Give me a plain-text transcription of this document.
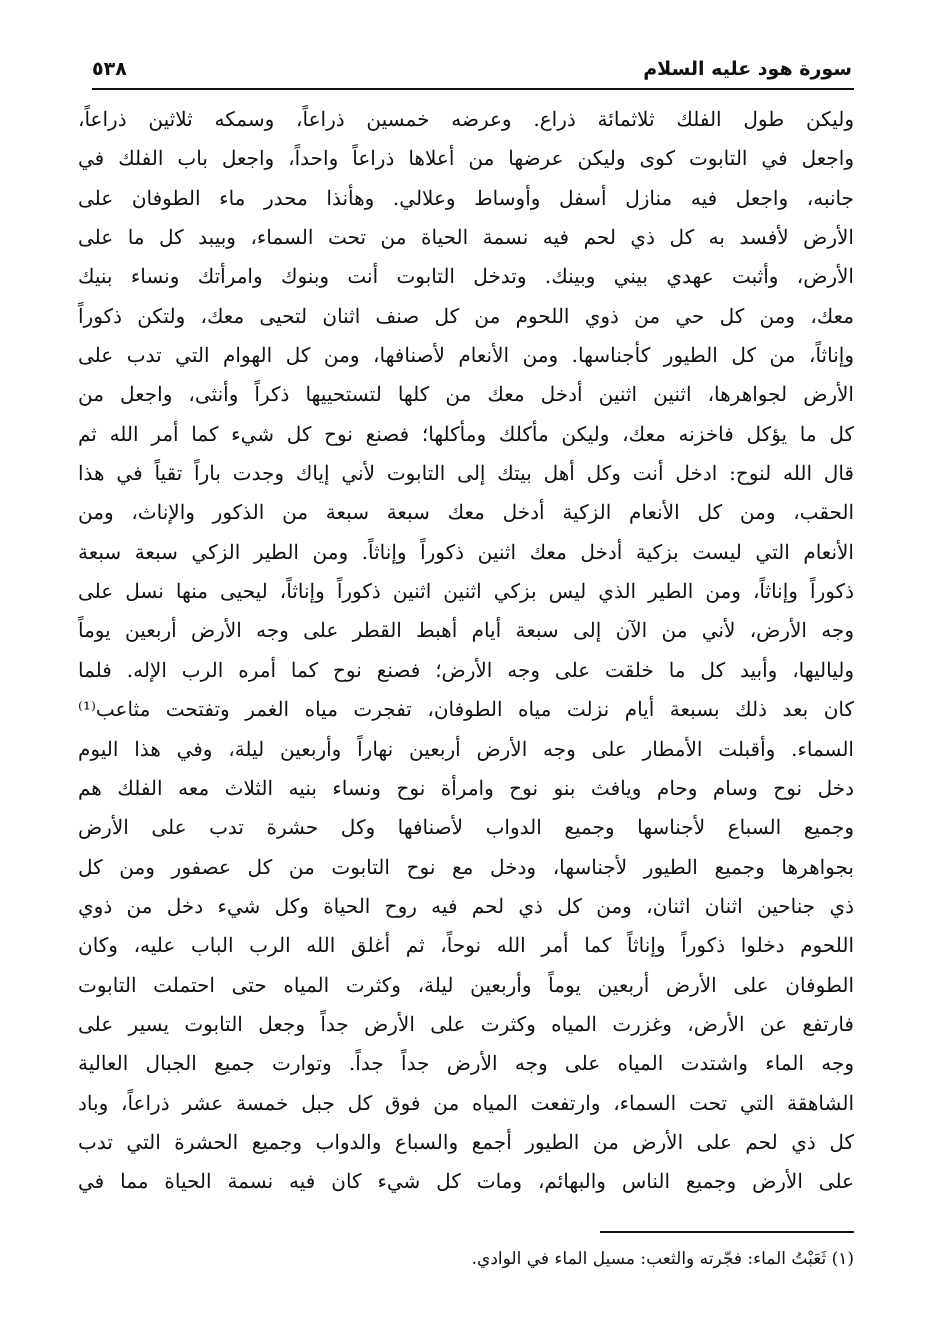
سورة هود عليه السلام
٥٣٨
وليكن طول الفلك ثلاثمائة ذراع. وعرضه خمسين ذراعاً، وسمكه ثلاثين ذراعاً،
واجعل في التابوت كوى وليكن عرضها من أعلاها ذراعاً واحداً، واجعل باب الفلك في
جانبه، واجعل فيه منازل أسفل وأوساط وعلالي. وهأنذا محدر ماء الطوفان على
الأرض لأفسد به كل ذي لحم فيه نسمة الحياة من تحت السماء، وبيبد كل ما على
الأرض، وأثبت عهدي بيني وبينك. وتدخل التابوت أنت وبنوك وامرأتك ونساء بنيك
معك، ومن كل حي من ذوي اللحوم من كل صنف اثنان لتحيى معك، ولتكن ذكوراً
وإناثاً، من كل الطيور كأجناسها. ومن الأنعام لأصنافها، ومن كل الهوام التي تدب على
الأرض لجواهرها، اثنين اثنين أدخل معك من كلها لتستحييها ذكراً وأنثى، واجعل من
كل ما يؤكل فاخزنه معك، وليكن مأكلك ومأكلها؛ فصنع نوح كل شيء كما أمر الله ثم
قال الله لنوح: ادخل أنت وكل أهل بيتك إلى التابوت لأني إياك وجدت باراً تقياً في هذا
الحقب، ومن كل الأنعام الزكية أدخل معك سبعة سبعة من الذكور والإناث، ومن
الأنعام التي ليست بزكية أدخل معك اثنين ذكوراً وإناثاً. ومن الطير الزكي سبعة سبعة
ذكوراً وإناثاً، ومن الطير الذي ليس بزكي اثنين اثنين ذكوراً وإناثاً، ليحيى منها نسل على
وجه الأرض، لأني من الآن إلى سبعة أيام أهبط القطر على وجه الأرض أربعين يوماً
ولياليها، وأبيد كل ما خلقت على وجه الأرض؛ فصنع نوح كما أمره الرب الإله. فلما
كان بعد ذلك بسبعة أيام نزلت مياه الطوفان، تفجرت مياه الغمر وتفتحت مثاعب⁽¹⁾
السماء. وأقبلت الأمطار على وجه الأرض أربعين نهاراً وأربعين ليلة، وفي هذا اليوم
دخل نوح وسام وحام ويافث بنو نوح وامرأة نوح ونساء بنيه الثلاث معه الفلك هم
وجميع السباع لأجناسها وجميع الدواب لأصنافها وكل حشرة تدب على الأرض
بجواهرها وجميع الطيور لأجناسها، ودخل مع نوح التابوت من كل عصفور ومن كل
ذي جناحين اثنان اثنان، ومن كل ذي لحم فيه روح الحياة وكل شيء دخل من ذوي
اللحوم دخلوا ذكوراً وإناثاً كما أمر الله نوحاً، ثم أغلق الله الرب الباب عليه، وكان
الطوفان على الأرض أربعين يوماً وأربعين ليلة، وكثرت المياه حتى احتملت التابوت
فارتفع عن الأرض، وغزرت المياه وكثرت على الأرض جداً وجعل التابوت يسير على
وجه الماء واشتدت المياه على وجه الأرض جداً جداً. وتوارت جميع الجبال العالية
الشاهقة التي تحت السماء، وارتفعت المياه من فوق كل جبل خمسة عشر ذراعاً، وباد
كل ذي لحم على الأرض من الطيور أجمع والسباع والدواب وجميع الحشرة التي تدب
على الأرض وجميع الناس والبهائم، ومات كل شيء كان فيه نسمة الحياة مما في
(١) ثَعَبْتُ الماء: فجّرته والثعب: مسيل الماء في الوادي.
